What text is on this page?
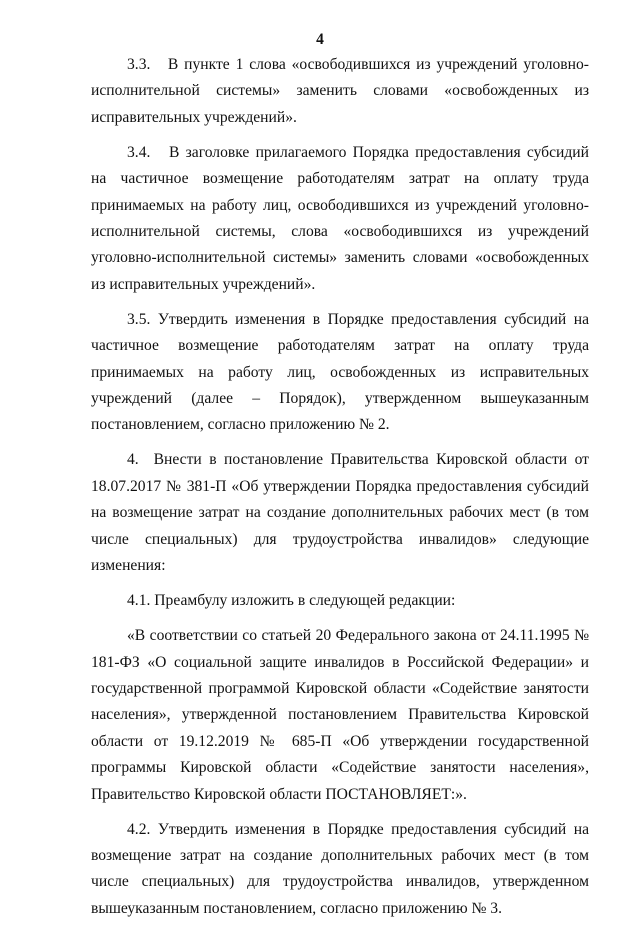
4

3.3.   В пункте 1 слова «освободившихся из учреждений уголовно-исполнительной системы» заменить словами «освобожденных из исправительных учреждений».

3.4.   В заголовке прилагаемого Порядка предоставления субсидий на частичное возмещение работодателям затрат на оплату труда принимаемых на работу лиц, освободившихся из учреждений уголовно-исполнительной системы, слова «освободившихся из учреждений уголовно-исполнительной системы» заменить словами «освобожденных из исправительных учреждений».

3.5. Утвердить изменения в Порядке предоставления субсидий на частичное возмещение работодателям затрат на оплату труда принимаемых на работу лиц, освобожденных из исправительных учреждений (далее – Порядок), утвержденном вышеуказанным постановлением, согласно приложению № 2.

4.  Внести в постановление Правительства Кировской области от 18.07.2017 № 381-П «Об утверждении Порядка предоставления субсидий на возмещение затрат на создание дополнительных рабочих мест (в том числе специальных) для трудоустройства инвалидов» следующие изменения:

4.1. Преамбулу изложить в следующей редакции:

«В соответствии со статьей 20 Федерального закона от 24.11.1995 № 181-ФЗ «О социальной защите инвалидов в Российской Федерации» и государственной программой Кировской области «Содействие занятости населения», утвержденной постановлением Правительства Кировской области от 19.12.2019 № 685-П «Об утверждении государственной программы Кировской области «Содействие занятости населения», Правительство Кировской области ПОСТАНОВЛЯЕТ:».

4.2. Утвердить изменения в Порядке предоставления субсидий на возмещение затрат на создание дополнительных рабочих мест (в том числе специальных) для трудоустройства инвалидов, утвержденном вышеуказанным постановлением, согласно приложению № 3.
